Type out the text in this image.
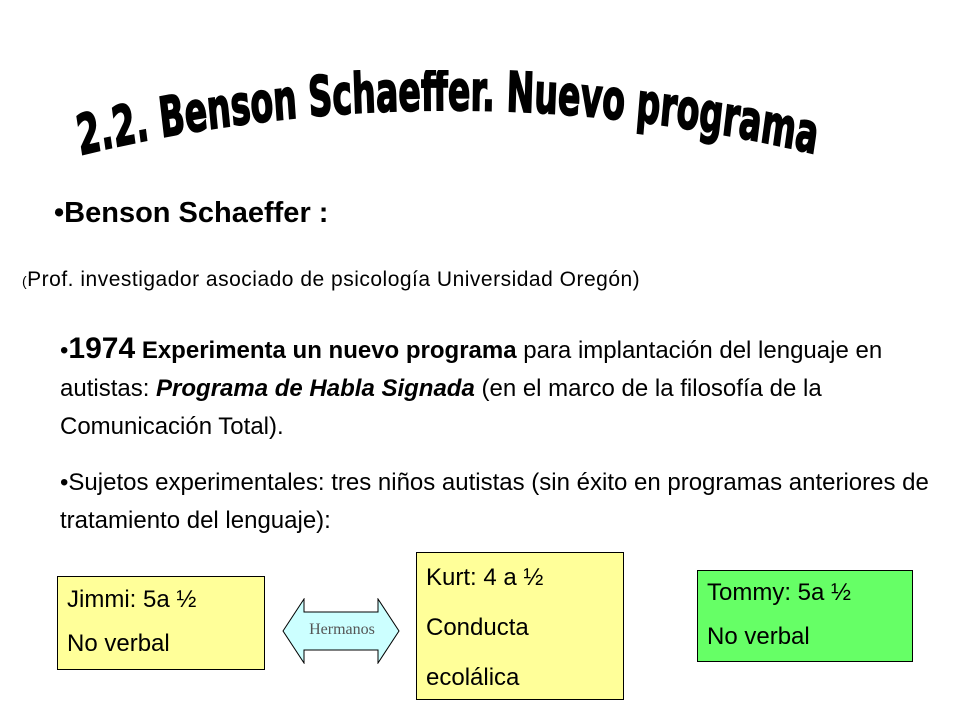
2.2. Benson Schaeffer. Nuevo programa
•Benson Schaeffer :
(Prof. investigador asociado de psicología Universidad Oregón)
•1974 Experimenta un nuevo programa para implantación del lenguaje en autistas: Programa de Habla Signada (en el marco de la filosofía de la Comunicación Total).
•Sujetos experimentales: tres niños autistas (sin éxito en programas anteriores de tratamiento del lenguaje):
Jimmi: 5a ½
No verbal
Hermanos
Kurt: 4 a ½
Conducta
ecolálica
Tommy: 5a ½
No verbal
